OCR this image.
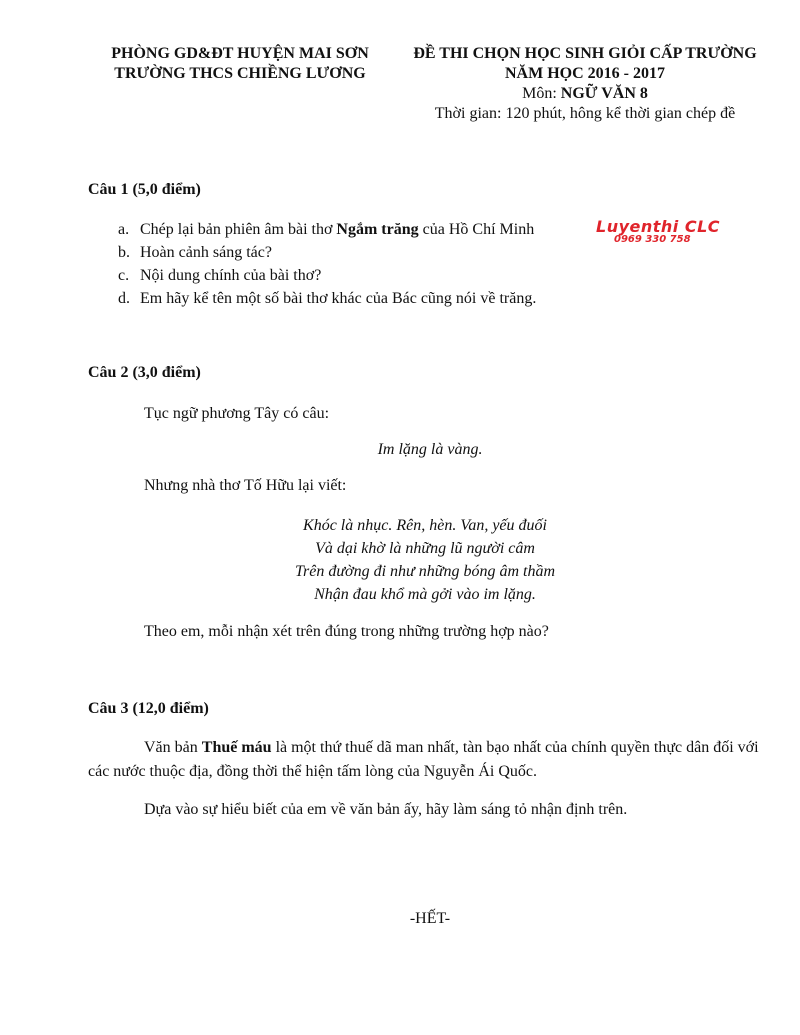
PHÒNG GD&ĐT HUYỆN MAI SƠN
TRƯỜNG THCS CHIỀNG LƯƠNG
ĐỀ THI CHỌN HỌC SINH GIỎI CẤP TRƯỜNG
NĂM HỌC 2016 - 2017
Môn: NGỮ VĂN 8
Thời gian: 120 phút, hông kể thời gian chép đề
Luyenthi CLC
0969 330 758
Câu 1 (5,0 điểm)
a. Chép lại bản phiên âm bài thơ Ngắm trăng của Hồ Chí Minh
b. Hoàn cảnh sáng tác?
c. Nội dung chính của bài thơ?
d. Em hãy kể tên một số bài thơ khác của Bác cũng nói về trăng.
Câu 2 (3,0 điểm)
Tục ngữ phương Tây có câu:
Im lặng là vàng.
Nhưng nhà thơ Tố Hữu lại viết:
Khóc là nhục. Rên, hèn. Van, yếu đuối
Và dại khờ là những lũ người câm
Trên đường đi như những bóng âm thầm
Nhận đau khổ mà gởi vào im lặng.
Theo em, mỗi nhận xét trên đúng trong những trường hợp nào?
Câu 3 (12,0 điểm)
Văn bản Thuế máu là một thứ thuế dã man nhất, tàn bạo nhất của chính quyền thực dân đối với các nước thuộc địa, đồng thời thể hiện tấm lòng của Nguyễn Ái Quốc.
Dựa vào sự hiểu biết của em về văn bản ấy, hãy làm sáng tỏ nhận định trên.
-HẾT-
